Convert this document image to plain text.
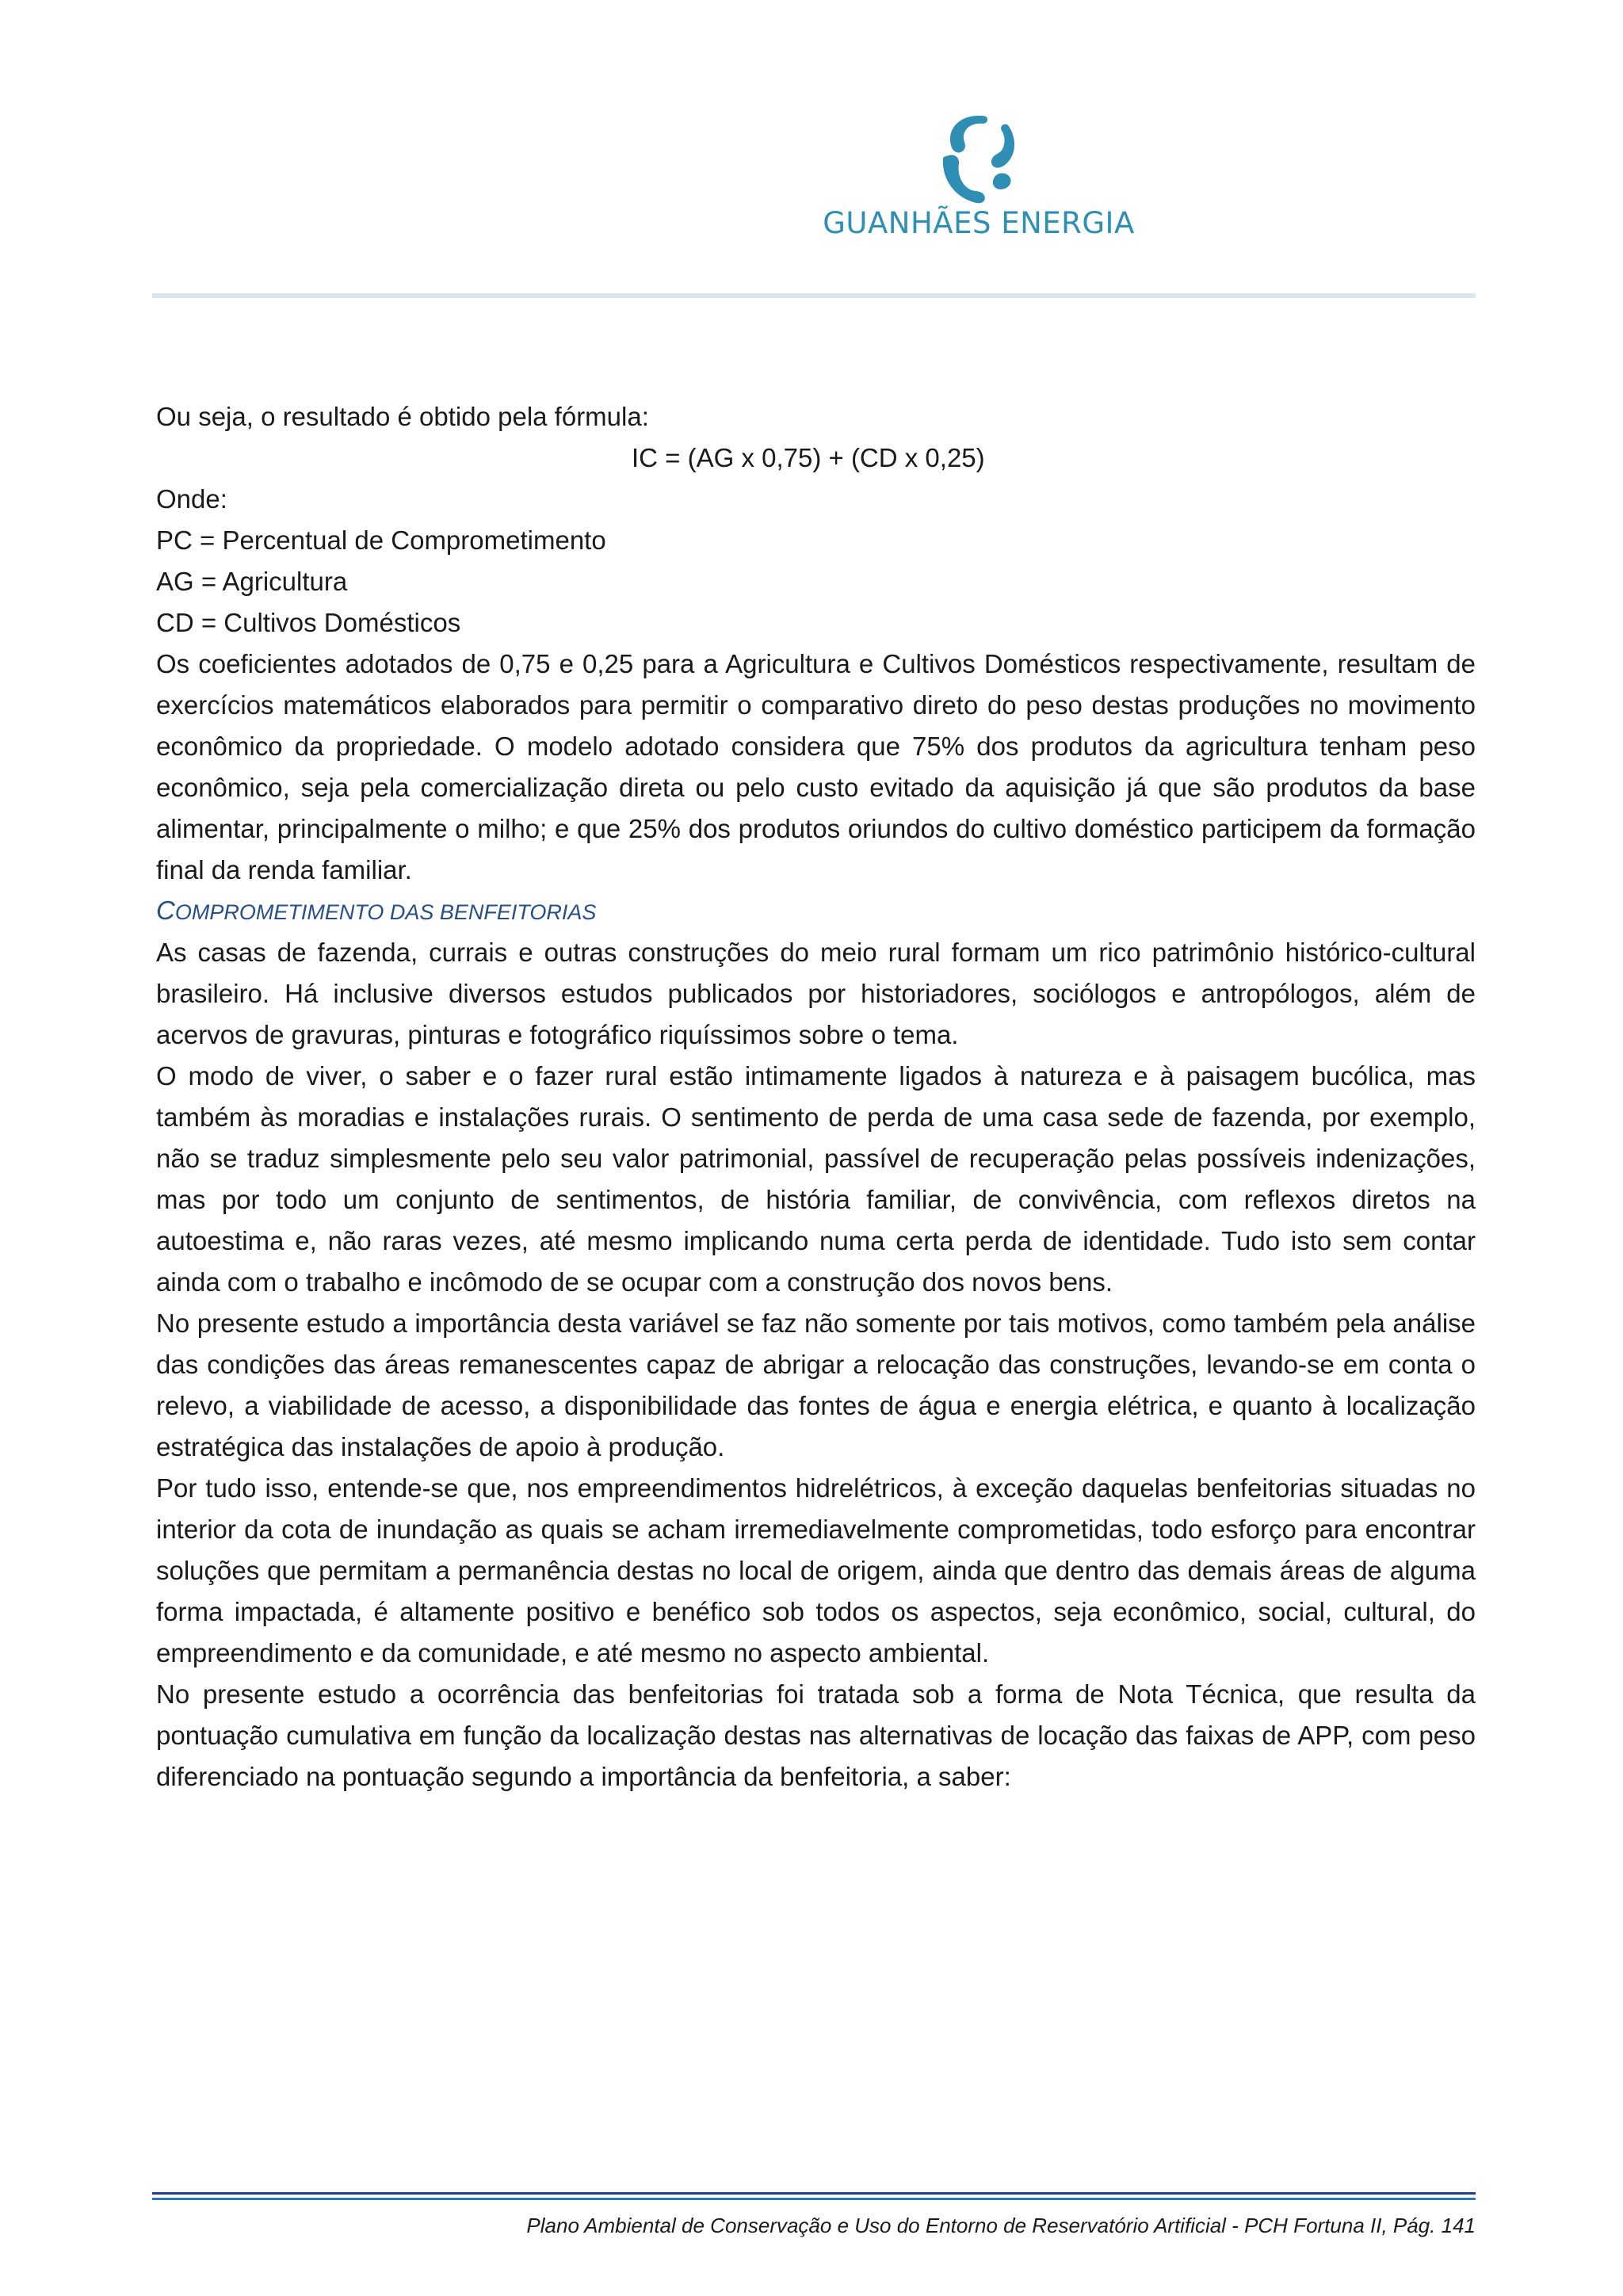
GUANHÃES ENERGIA

Ou seja, o resultado é obtido pela fórmula:

IC = (AG x 0,75) + (CD x 0,25)

Onde:

PC = Percentual de Comprometimento

AG = Agricultura

CD = Cultivos Domésticos

Os coeficientes adotados de 0,75 e 0,25 para a Agricultura e Cultivos Domésticos respectivamente, resultam de exercícios matemáticos elaborados para permitir o comparativo direto do peso destas produções no movimento econômico da propriedade. O modelo adotado considera que 75% dos produtos da agricultura tenham peso econômico, seja pela comercialização direta ou pelo custo evitado da aquisição já que são produtos da base alimentar, principalmente o milho; e que 25% dos produtos oriundos do cultivo doméstico participem da formação final da renda familiar.

COMPROMETIMENTO DAS BENFEITORIAS

As casas de fazenda, currais e outras construções do meio rural formam um rico patrimônio histórico-cultural brasileiro. Há inclusive diversos estudos publicados por historiadores, sociólogos e antropólogos, além de acervos de gravuras, pinturas e fotográfico riquíssimos sobre o tema.

O modo de viver, o saber e o fazer rural estão intimamente ligados à natureza e à paisagem bucólica, mas também às moradias e instalações rurais. O sentimento de perda de uma casa sede de fazenda, por exemplo, não se traduz simplesmente pelo seu valor patrimonial, passível de recuperação pelas possíveis indenizações, mas por todo um conjunto de sentimentos, de história familiar, de convivência, com reflexos diretos na autoestima e, não raras vezes, até mesmo implicando numa certa perda de identidade. Tudo isto sem contar ainda com o trabalho e incômodo de se ocupar com a construção dos novos bens.

No presente estudo a importância desta variável se faz não somente por tais motivos, como também pela análise das condições das áreas remanescentes capaz de abrigar a relocação das construções, levando-se em conta o relevo, a viabilidade de acesso, a disponibilidade das fontes de água e energia elétrica, e quanto à localização estratégica das instalações de apoio à produção.

Por tudo isso, entende-se que, nos empreendimentos hidrelétricos, à exceção daquelas benfeitorias situadas no interior da cota de inundação as quais se acham irremediavelmente comprometidas, todo esforço para encontrar soluções que permitam a permanência destas no local de origem, ainda que dentro das demais áreas de alguma forma impactada, é altamente positivo e benéfico sob todos os aspectos, seja econômico, social, cultural, do empreendimento e da comunidade, e até mesmo no aspecto ambiental.

No presente estudo a ocorrência das benfeitorias foi tratada sob a forma de Nota Técnica, que resulta da pontuação cumulativa em função da localização destas nas alternativas de locação das faixas de APP, com peso diferenciado na pontuação segundo a importância da benfeitoria, a saber:

Plano Ambiental de Conservação e Uso do Entorno de Reservatório Artificial - PCH Fortuna II, Pág. 141
